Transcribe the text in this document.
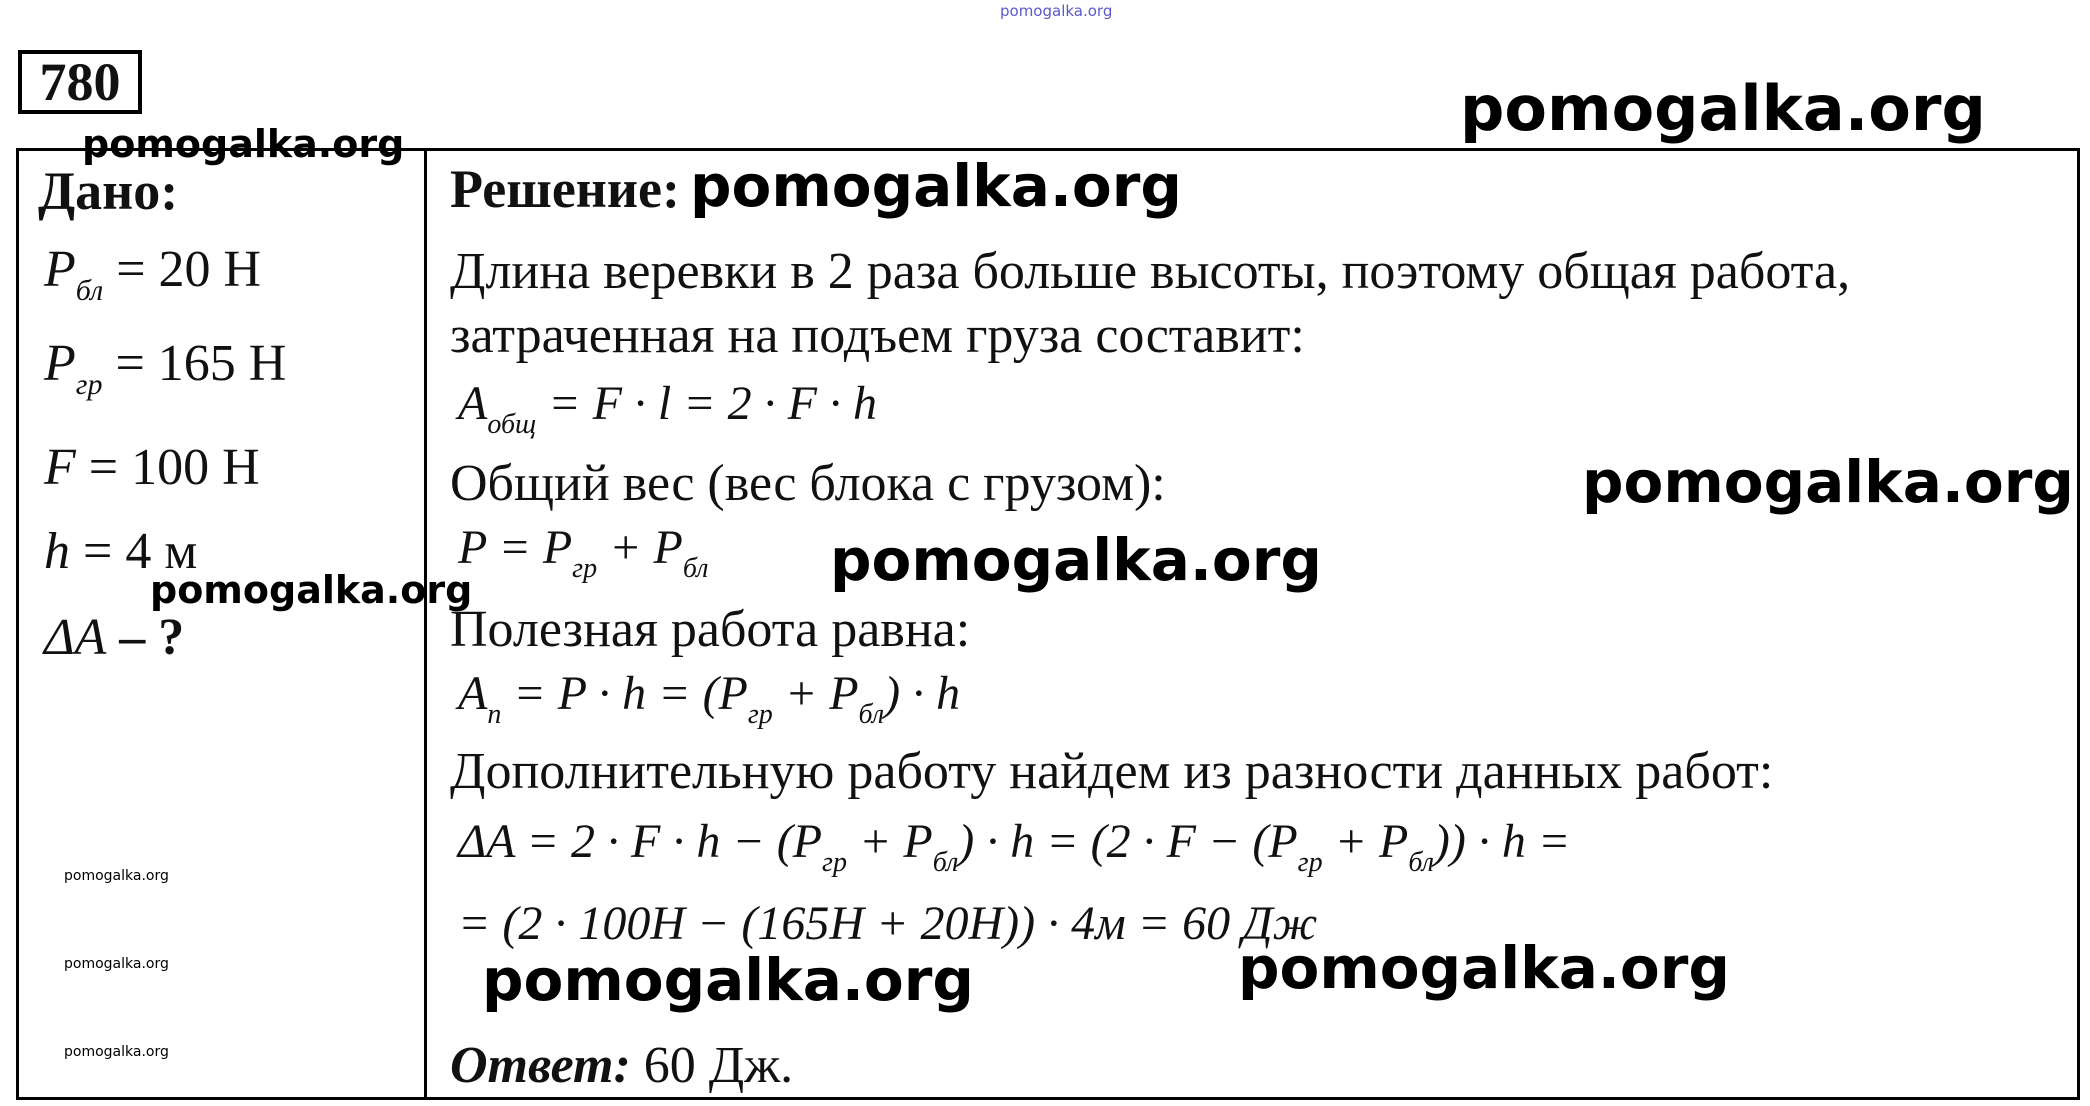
pomogalka.org
pomogalka.org
pomogalka.org
780
Дано:
$P_{бл} = 20$ Н
$P_{гр} = 165$ Н
F = 100 Н
h = 4 м
pomogalka.org
ΔA – ?
pomogalka.org
pomogalka.org
pomogalka.org
Решение: pomogalka.org
Длина веревки в 2 раза больше высоты, поэтому общая работа,
затраченная на подъем груза составит:
$A_{общ} = F \cdot l = 2 \cdot F \cdot h$
Общий вес (вес блока с грузом):	pomogalka.org
$P = P_{гр} + P_{бл}$ pomogalka.org
Полезная работа равна:
$A_п = P \cdot h = (P_{гр} + P_{бл}) \cdot h$
Дополнительную работу найдем из разности данных работ:
$\Delta A = 2 \cdot F \cdot h - (P_{гр} + P_{бл}) \cdot h = (2 \cdot F - (P_{гр} + P_{бл})) \cdot h$ =
= (2 · 100H − (165H + 20H)) · 4м = 60 Дж
pomogalka.org	pomogalka.org
Ответ: 60 Дж.
